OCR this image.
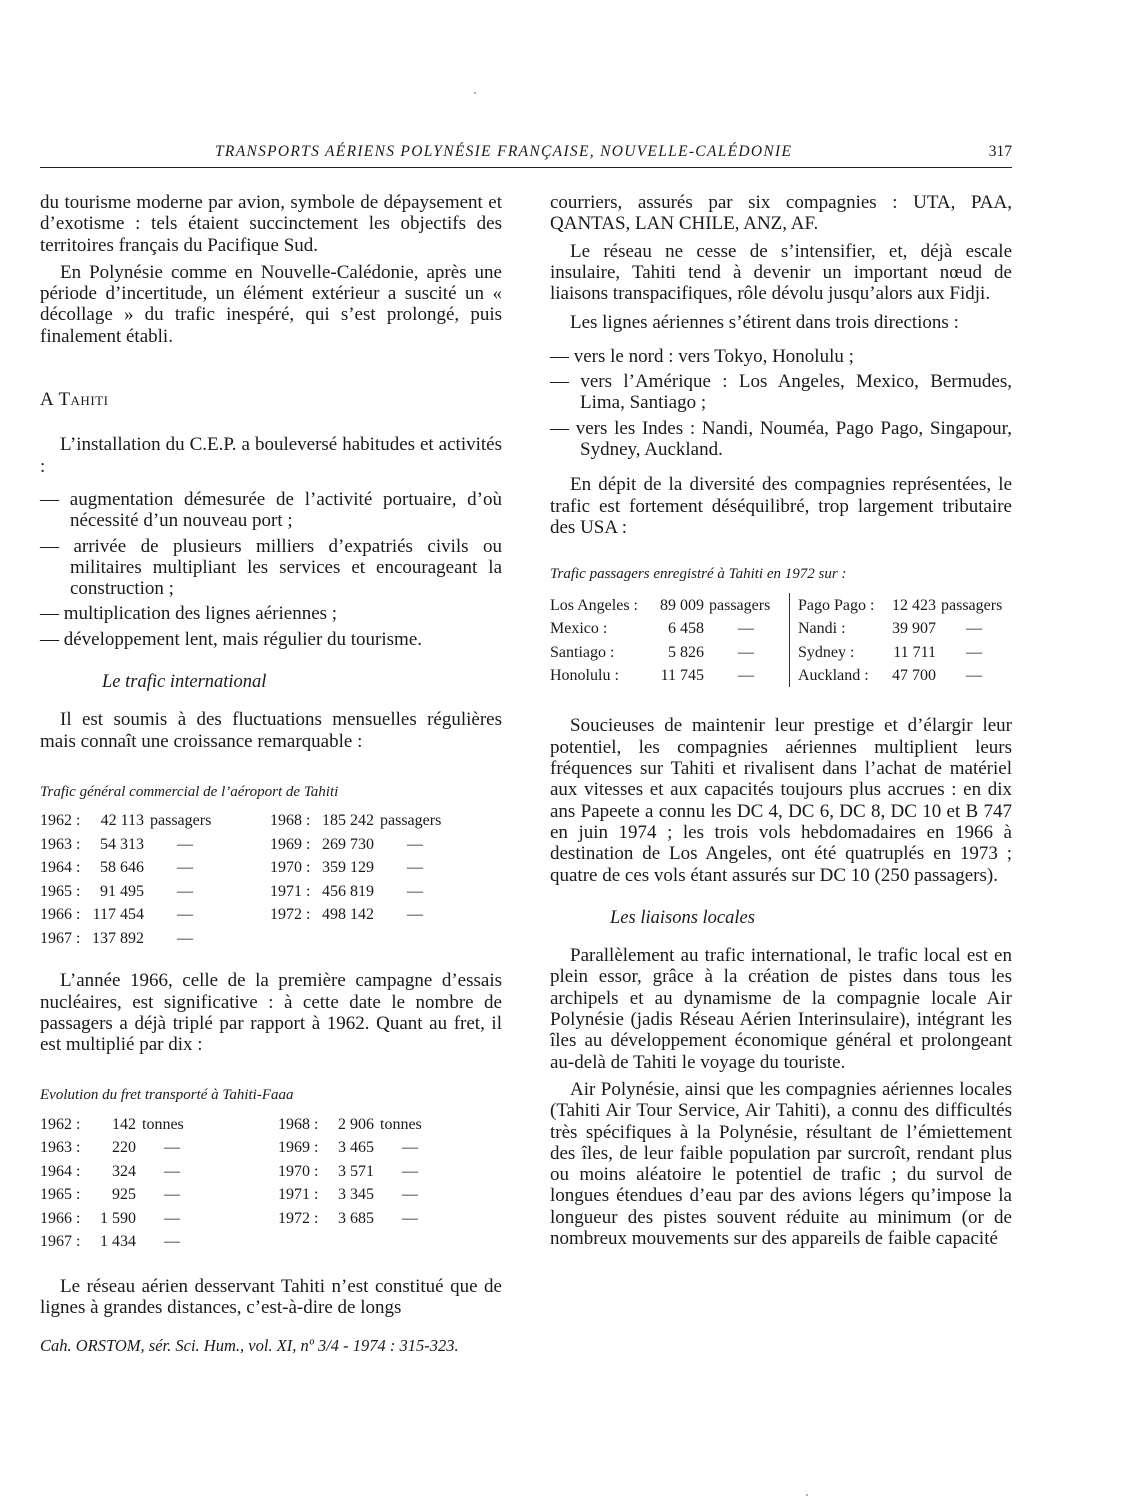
TRANSPORTS AÉRIENS POLYNÉSIE FRANÇAISE, NOUVELLE-CALÉDONIE	317

du tourisme moderne par avion, symbole de dépaysement et d’exotisme : tels étaient succinctement les objectifs des territoires français du Pacifique Sud.

En Polynésie comme en Nouvelle-Calédonie, après une période d’incertitude, un élément extérieur a suscité un « décollage » du trafic inespéré, qui s’est prolongé, puis finalement établi.

A Tahiti

L’installation du C.E.P. a bouleversé habitudes et activités :

— augmentation démesurée de l’activité portuaire, d’où nécessité d’un nouveau port ;

— arrivée de plusieurs milliers d’expatriés civils ou militaires multipliant les services et encourageant la construction ;

— multiplication des lignes aériennes ;

— développement lent, mais régulier du tourisme.

Le trafic international

Il est soumis à des fluctuations mensuelles régulières mais connaît une croissance remarquable :

Trafic général commercial de l’aéroport de Tahiti
1962 :	42 113	passagers	1968 :	185 242	passagers
1963 :	54 313	—	1969 :	269 730	—
1964 :	58 646	—	1970 :	359 129	—
1965 :	91 495	—	1971 :	456 819	—
1966 :	117 454	—	1972 :	498 142	—
1967 :	137 892	—			

L’année 1966, celle de la première campagne d’essais nucléaires, est significative : à cette date le nombre de passagers a déjà triplé par rapport à 1962. Quant au fret, il est multiplié par dix :

Evolution du fret transporté à Tahiti-Faaa
1962 :	142	tonnes	1968 :	2 906	tonnes
1963 :	220	—	1969 :	3 465	—
1964 :	324	—	1970 :	3 571	—
1965 :	925	—	1971 :	3 345	—
1966 :	1 590	—	1972 :	3 685	—
1967 :	1 434	—			

Le réseau aérien desservant Tahiti n’est constitué que de lignes à grandes distances, c’est-à-dire de longs

courriers, assurés par six compagnies : UTA, PAA, QANTAS, LAN CHILE, ANZ, AF.

Le réseau ne cesse de s’intensifier, et, déjà escale insulaire, Tahiti tend à devenir un important nœud de liaisons transpacifiques, rôle dévolu jusqu’alors aux Fidji.

Les lignes aériennes s’étirent dans trois directions :

— vers le nord : vers Tokyo, Honolulu ;

— vers l’Amérique : Los Angeles, Mexico, Bermudes, Lima, Santiago ;

— vers les Indes : Nandi, Nouméa, Pago Pago, Singapour, Sydney, Auckland.

En dépit de la diversité des compagnies représentées, le trafic est fortement déséquilibré, trop largement tributaire des USA :

Trafic passagers enregistré à Tahiti en 1972 sur :
Los Angeles :	89 009	passagers	Pago Pago :	12 423	passagers
Mexico :	6 458	—	Nandi :	39 907	—
Santiago :	5 826	—	Sydney :	11 711	—
Honolulu :	11 745	—	Auckland :	47 700	—

Soucieuses de maintenir leur prestige et d’élargir leur potentiel, les compagnies aériennes multiplient leurs fréquences sur Tahiti et rivalisent dans l’achat de matériel aux vitesses et aux capacités toujours plus accrues : en dix ans Papeete a connu les DC 4, DC 6, DC 8, DC 10 et B 747 en juin 1974 ; les trois vols hebdomadaires en 1966 à destination de Los Angeles, ont été quatruplés en 1973 ; quatre de ces vols étant assurés sur DC 10 (250 passagers).

Les liaisons locales

Parallèlement au trafic international, le trafic local est en plein essor, grâce à la création de pistes dans tous les archipels et au dynamisme de la compagnie locale Air Polynésie (jadis Réseau Aérien Interinsulaire), intégrant les îles au développement économique général et prolongeant au-delà de Tahiti le voyage du touriste.

Air Polynésie, ainsi que les compagnies aériennes locales (Tahiti Air Tour Service, Air Tahiti), a connu des difficultés très spécifiques à la Polynésie, résultant de l’émiettement des îles, de leur faible population par surcroît, rendant plus ou moins aléatoire le potentiel de trafic ; du survol de longues étendues d’eau par des avions légers qu’impose la longueur des pistes souvent réduite au minimum (or de nombreux mouvements sur des appareils de faible capacité

Cah. ORSTOM, sér. Sci. Hum., vol. XI, nº 3/4 - 1974 : 315-323.
